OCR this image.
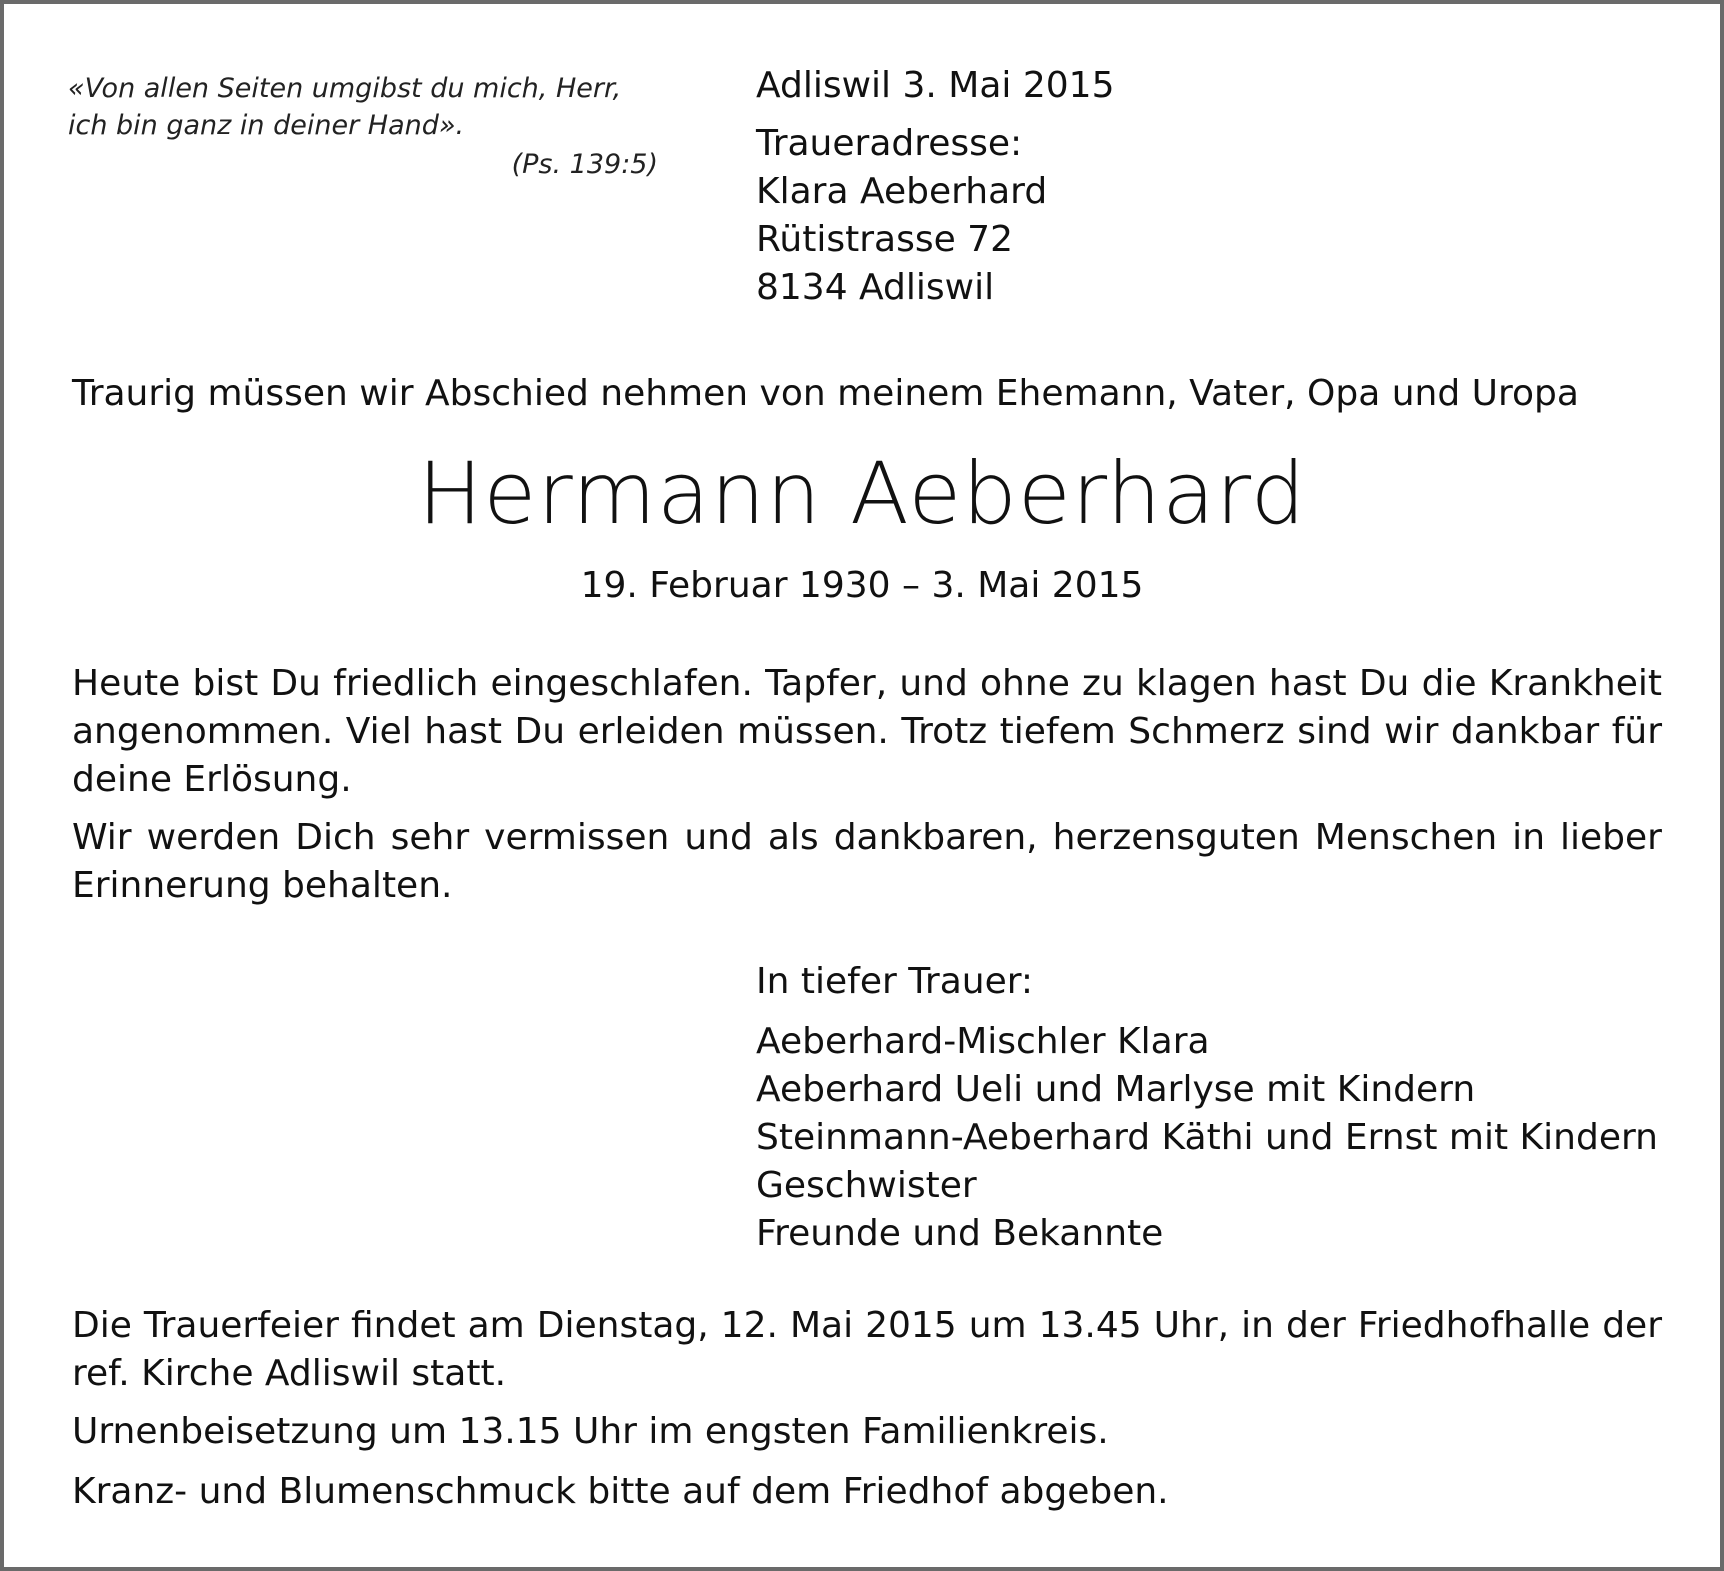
«Von allen Seiten umgibst du mich, Herr,
ich bin ganz in deiner Hand».
(Ps. 139:5)
Adliswil 3. Mai 2015
Traueradresse:
Klara Aeberhard
Rütistrasse 72
8134 Adliswil
Traurig müssen wir Abschied nehmen von meinem Ehemann, Vater, Opa und Uropa
Hermann Aeberhard
19. Februar 1930 – 3. Mai 2015
Heute bist Du friedlich eingeschlafen. Tapfer, und ohne zu klagen hast Du die Krankheit angenommen. Viel hast Du erleiden müssen. Trotz tiefem Schmerz sind wir dankbar für deine Erlösung.
Wir werden Dich sehr vermissen und als dankbaren, herzensguten Menschen in lieber Erinnerung behalten.
In tiefer Trauer:
Aeberhard-Mischler Klara
Aeberhard Ueli und Marlyse mit Kindern
Steinmann-Aeberhard Käthi und Ernst mit Kindern
Geschwister
Freunde und Bekannte
Die Trauerfeier findet am Dienstag, 12. Mai 2015 um 13.45 Uhr, in der Friedhofhalle der ref. Kirche Adliswil statt.
Urnenbeisetzung um 13.15 Uhr im engsten Familienkreis.
Kranz- und Blumenschmuck bitte auf dem Friedhof abgeben.
